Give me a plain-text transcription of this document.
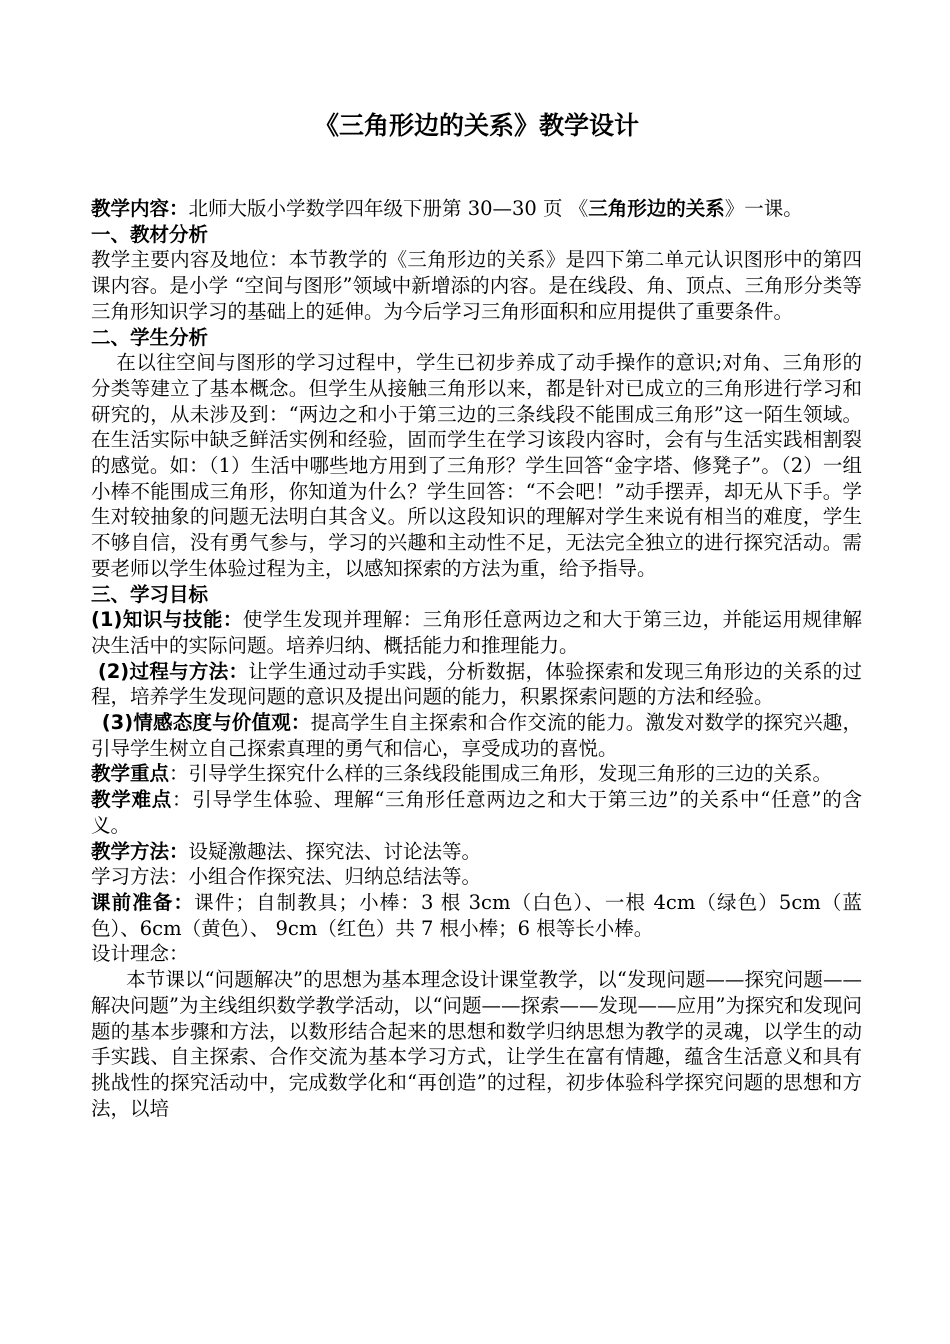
《三角形边的关系》教学设计

教学内容：北师大版小学数学四年级下册第 30—30 页 《三角形边的关系》一课。

一、教材分析

教学主要内容及地位：本节教学的《三角形边的关系》是四下第二单元认识图形中的第四课内容。是小学 “空间与图形”领域中新增添的内容。是在线段、角、顶点、三角形分类等三角形知识学习的基础上的延伸。为今后学习三角形面积和应用提供了重要条件。

二、学生分析

在以往空间与图形的学习过程中，学生已初步养成了动手操作的意识;对角、三角形的分类等建立了基本概念。但学生从接触三角形以来，都是针对已成立的三角形进行学习和研究的，从未涉及到：“两边之和小于第三边的三条线段不能围成三角形”这一陌生领域。在生活实际中缺乏鲜活实例和经验，固而学生在学习该段内容时，会有与生活实践相割裂的感觉。如：（1）生活中哪些地方用到了三角形？学生回答“金字塔、修凳子”。（2）一组小棒不能围成三角形，你知道为什么？学生回答：“不会吧！”动手摆弄，却无从下手。学生对较抽象的问题无法明白其含义。所以这段知识的理解对学生来说有相当的难度，学生不够自信，没有勇气参与，学习的兴趣和主动性不足，无法完全独立的进行探究活动。需要老师以学生体验过程为主，以感知探索的方法为重，给予指导。

三、学习目标

(1)知识与技能：使学生发现并理解：三角形任意两边之和大于第三边，并能运用规律解决生活中的实际问题。培养归纳、概括能力和推理能力。

(2)过程与方法：让学生通过动手实践，分析数据，体验探索和发现三角形边的关系的过程，培养学生发现问题的意识及提出问题的能力，积累探索问题的方法和经验。

(3)情感态度与价值观：提高学生自主探索和合作交流的能力。激发对数学的探究兴趣，引导学生树立自己探索真理的勇气和信心，享受成功的喜悦。

教学重点：引导学生探究什么样的三条线段能围成三角形，发现三角形的三边的关系。

教学难点：引导学生体验、理解“三角形任意两边之和大于第三边”的关系中“任意”的含义。

教学方法：设疑激趣法、探究法、讨论法等。

学习方法：小组合作探究法、归纳总结法等。

课前准备：课件；自制教具；小棒：3 根 3cm（白色）、一根 4cm（绿色）5cm（蓝色）、6cm（黄色）、 9cm（红色）共 7 根小棒；6 根等长小棒。

设计理念：

本节课以“问题解决”的思想为基本理念设计课堂教学，以“发现问题——探究问题——解决问题”为主线组织数学教学活动，以“问题——探索——发现——应用”为探究和发现问题的基本步骤和方法，以数形结合起来的思想和数学归纳思想为教学的灵魂，以学生的动手实践、自主探索、合作交流为基本学习方式，让学生在富有情趣，蕴含生活意义和具有挑战性的探究活动中，完成数学化和“再创造”的过程，初步体验科学探究问题的思想和方法，以培
